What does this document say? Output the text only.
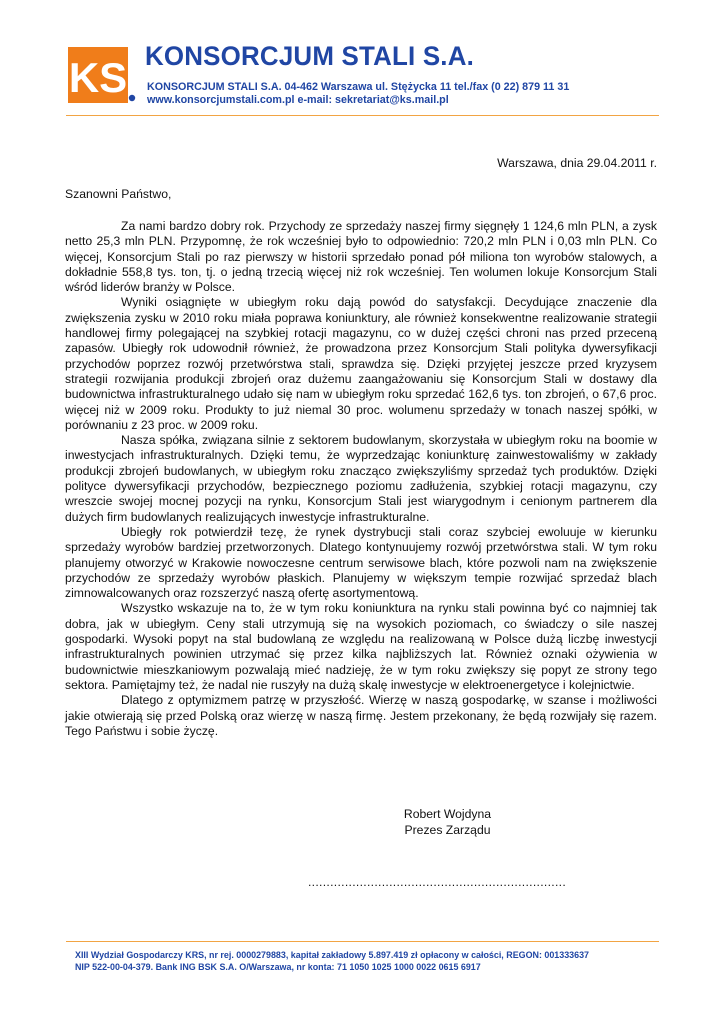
KS KONSORCJUM STALI S.A.
KONSORCJUM STALI S.A. 04-462 Warszawa ul. Stężycka 11 tel./fax (0 22) 879 11 31
www.konsorcjumstali.com.pl e-mail: sekretariat@ks.mail.pl
Warszawa, dnia 29.04.2011 r.
Szanowni Państwo,

Za nami bardzo dobry rok. Przychody ze sprzedaży naszej firmy sięgnęły 1 124,6 mln PLN, a zysk netto 25,3 mln PLN. Przypomnę, że rok wcześniej było to odpowiednio: 720,2 mln PLN i 0,03 mln PLN. Co więcej, Konsorcjum Stali po raz pierwszy w historii sprzedało ponad pół miliona ton wyrobów stalowych, a dokładnie 558,8 tys. ton, tj. o jedną trzecią więcej niż rok wcześniej. Ten wolumen lokuje Konsorcjum Stali wśród liderów branży w Polsce.

Wyniki osiągnięte w ubiegłym roku dają powód do satysfakcji. Decydujące znaczenie dla zwiększenia zysku w 2010 roku miała poprawa koniunktury, ale również konsekwentne realizowanie strategii handlowej firmy polegającej na szybkiej rotacji magazynu, co w dużej części chroni nas przed przeceną zapasów. Ubiegły rok udowodnił również, że prowadzona przez Konsorcjum Stali polityka dywersyfikacji przychodów poprzez rozwój przetwórstwa stali, sprawdza się. Dzięki przyjętej jeszcze przed kryzysem strategii rozwijania produkcji zbrojeń oraz dużemu zaangażowaniu się Konsorcjum Stali w dostawy dla budownictwa infrastrukturalnego udało się nam w ubiegłym roku sprzedać 162,6 tys. ton zbrojeń, o 67,6 proc. więcej niż w 2009 roku. Produkty to już niemal 30 proc. wolumenu sprzedaży w tonach naszej spółki, w porównaniu z 23 proc. w 2009 roku.

Nasza spółka, związana silnie z sektorem budowlanym, skorzystała w ubiegłym roku na boomie w inwestycjach infrastrukturalnych. Dzięki temu, że wyprzedzając koniunkturę zainwestowaliśmy w zakłady produkcji zbrojeń budowlanych, w ubiegłym roku znacząco zwiększyliśmy sprzedaż tych produktów. Dzięki polityce dywersyfikacji przychodów, bezpiecznego poziomu zadłużenia, szybkiej rotacji magazynu, czy wreszcie swojej mocnej pozycji na rynku, Konsorcjum Stali jest wiarygodnym i cenionym partnerem dla dużych firm budowlanych realizujących inwestycje infrastrukturalne.

Ubiegły rok potwierdził tezę, że rynek dystrybucji stali coraz szybciej ewoluuje w kierunku sprzedaży wyrobów bardziej przetworzonych. Dlatego kontynuujemy rozwój przetwórstwa stali. W tym roku planujemy otworzyć w Krakowie nowoczesne centrum serwisowe blach, które pozwoli nam na zwiększenie przychodów ze sprzedaży wyrobów płaskich. Planujemy w większym tempie rozwijać sprzedaż blach zimnowalcowanych oraz rozszerzyć naszą ofertę asortymentową.

Wszystko wskazuje na to, że w tym roku koniunktura na rynku stali powinna być co najmniej tak dobra, jak w ubiegłym. Ceny stali utrzymują się na wysokich poziomach, co świadczy o sile naszej gospodarki. Wysoki popyt na stal budowlaną ze względu na realizowaną w Polsce dużą liczbę inwestycji infrastrukturalnych powinien utrzymać się przez kilka najbliższych lat. Również oznaki ożywienia w budownictwie mieszkaniowym pozwalają mieć nadzieję, że w tym roku zwiększy się popyt ze strony tego sektora. Pamiętajmy też, że nadal nie ruszyły na dużą skalę inwestycje w elektroenergetyce i kolejnictwie.

Dlatego z optymizmem patrzę w przyszłość. Wierzę w naszą gospodarkę, w szanse i możliwości jakie otwierają się przed Polską oraz wierzę w naszą firmę. Jestem przekonany, że będą rozwijały się razem. Tego Państwu i sobie życzę.

Robert Wojdyna
Prezes Zarządu
......................................................................
XIII Wydział Gospodarczy KRS, nr rej. 0000279883, kapitał zakładowy 5.897.419 zł opłacony w całości, REGON: 001333637
NIP 522-00-04-379. Bank ING BSK S.A. O/Warszawa, nr konta: 71 1050 1025 1000 0022 0615 6917
